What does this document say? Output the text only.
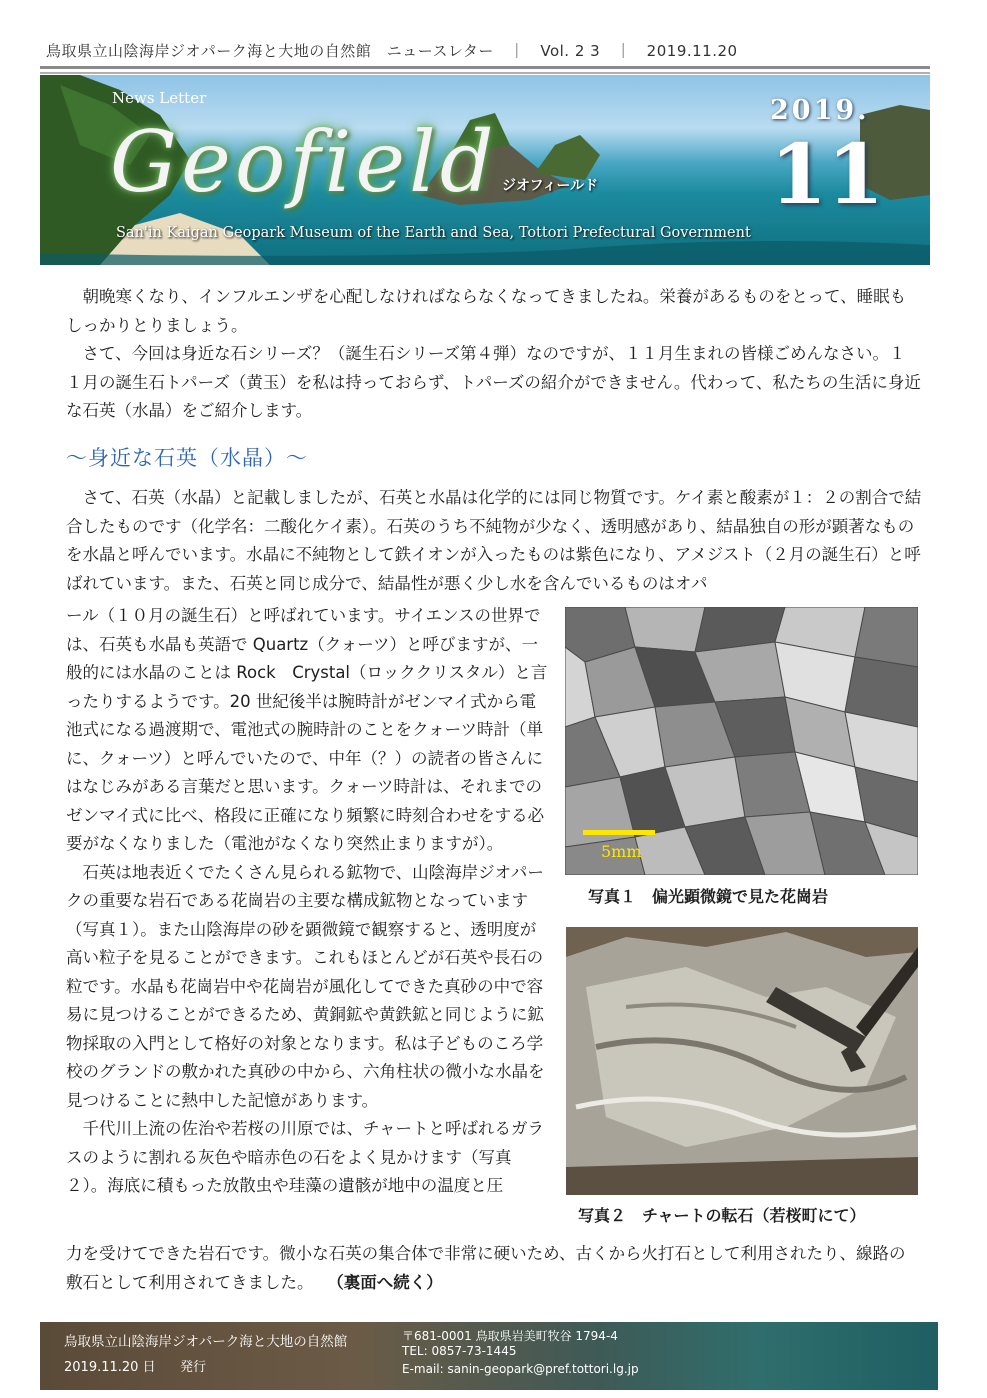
鳥取県立山陰海岸ジオパーク海と大地の自然館　ニュースレター　｜　Vol. 2 3　｜　2019.11.20
News Letter
Geofield ジオフィールド
San'in Kaigan Geopark Museum of the Earth and Sea, Tottori Prefectural Government
2019.
11

朝晩寒くなり、インフルエンザを心配しなければならなくなってきましたね。栄養があるものをとって、睡眠もしっかりとりましょう。

さて、今回は身近な石シリーズ？（誕生石シリーズ第４弾）なのですが、１１月生まれの皆様ごめんなさい。１１月の誕生石トパーズ（黄玉）を私は持っておらず、トパーズの紹介ができません。代わって、私たちの生活に身近な石英（水晶）をご紹介します。

～身近な石英（水晶）～

さて、石英（水晶）と記載しましたが、石英と水晶は化学的には同じ物質です。ケイ素と酸素が１：２の割合で結合したものです（化学名：二酸化ケイ素）。石英のうち不純物が少なく、透明感があり、結晶独自の形が顕著なものを水晶と呼んでいます。水晶に不純物として鉄イオンが入ったものは紫色になり、アメジスト（２月の誕生石）と呼ばれています。また、石英と同じ成分で、結晶性が悪く少し水を含んでいるものはオパ

ール（１０月の誕生石）と呼ばれています。サイエンスの世界では、石英も水晶も英語で Quartz（クォーツ）と呼びますが、一般的には水晶のことは Rock　Crystal（ロッククリスタル）と言ったりするようです。20 世紀後半は腕時計がゼンマイ式から電池式になる過渡期で、電池式の腕時計のことをクォーツ時計（単に、クォーツ）と呼んでいたので、中年（？）の読者の皆さんにはなじみがある言葉だと思います。クォーツ時計は、それまでのゼンマイ式に比べ、格段に正確になり頻繁に時刻合わせをする必要がなくなりました（電池がなくなり突然止まりますが）。

石英は地表近くでたくさん見られる鉱物で、山陰海岸ジオパークの重要な岩石である花崗岩の主要な構成鉱物となっています（写真１）。また山陰海岸の砂を顕微鏡で観察すると、透明度が高い粒子を見ることができます。これもほとんどが石英や長石の粒です。水晶も花崗岩中や花崗岩が風化してできた真砂の中で容易に見つけることができるため、黄銅鉱や黄鉄鉱と同じように鉱物採取の入門として格好の対象となります。私は子どものころ学校のグランドの敷かれた真砂の中から、六角柱状の微小な水晶を見つけることに熱中した記憶があります。

千代川上流の佐治や若桜の川原では、チャートと呼ばれるガラスのように割れる灰色や暗赤色の石をよく見かけます（写真２）。海底に積もった放散虫や珪藻の遺骸が地中の温度と圧

力を受けてできた岩石です。微小な石英の集合体で非常に硬いため、古くから火打石として利用されたり、線路の敷石として利用されてきました。 （裏面へ続く）
5mm
写真１　偏光顕微鏡で見た花崗岩
写真２　チャートの転石（若桜町にて）
鳥取県立山陰海岸ジオパーク海と大地の自然館
2019.11.20 日 発行
〒681-0001 鳥取県岩美町牧谷 1794-4
TEL: 0857-73-1445
E-mail: sanin-geopark@pref.tottori.lg.jp
